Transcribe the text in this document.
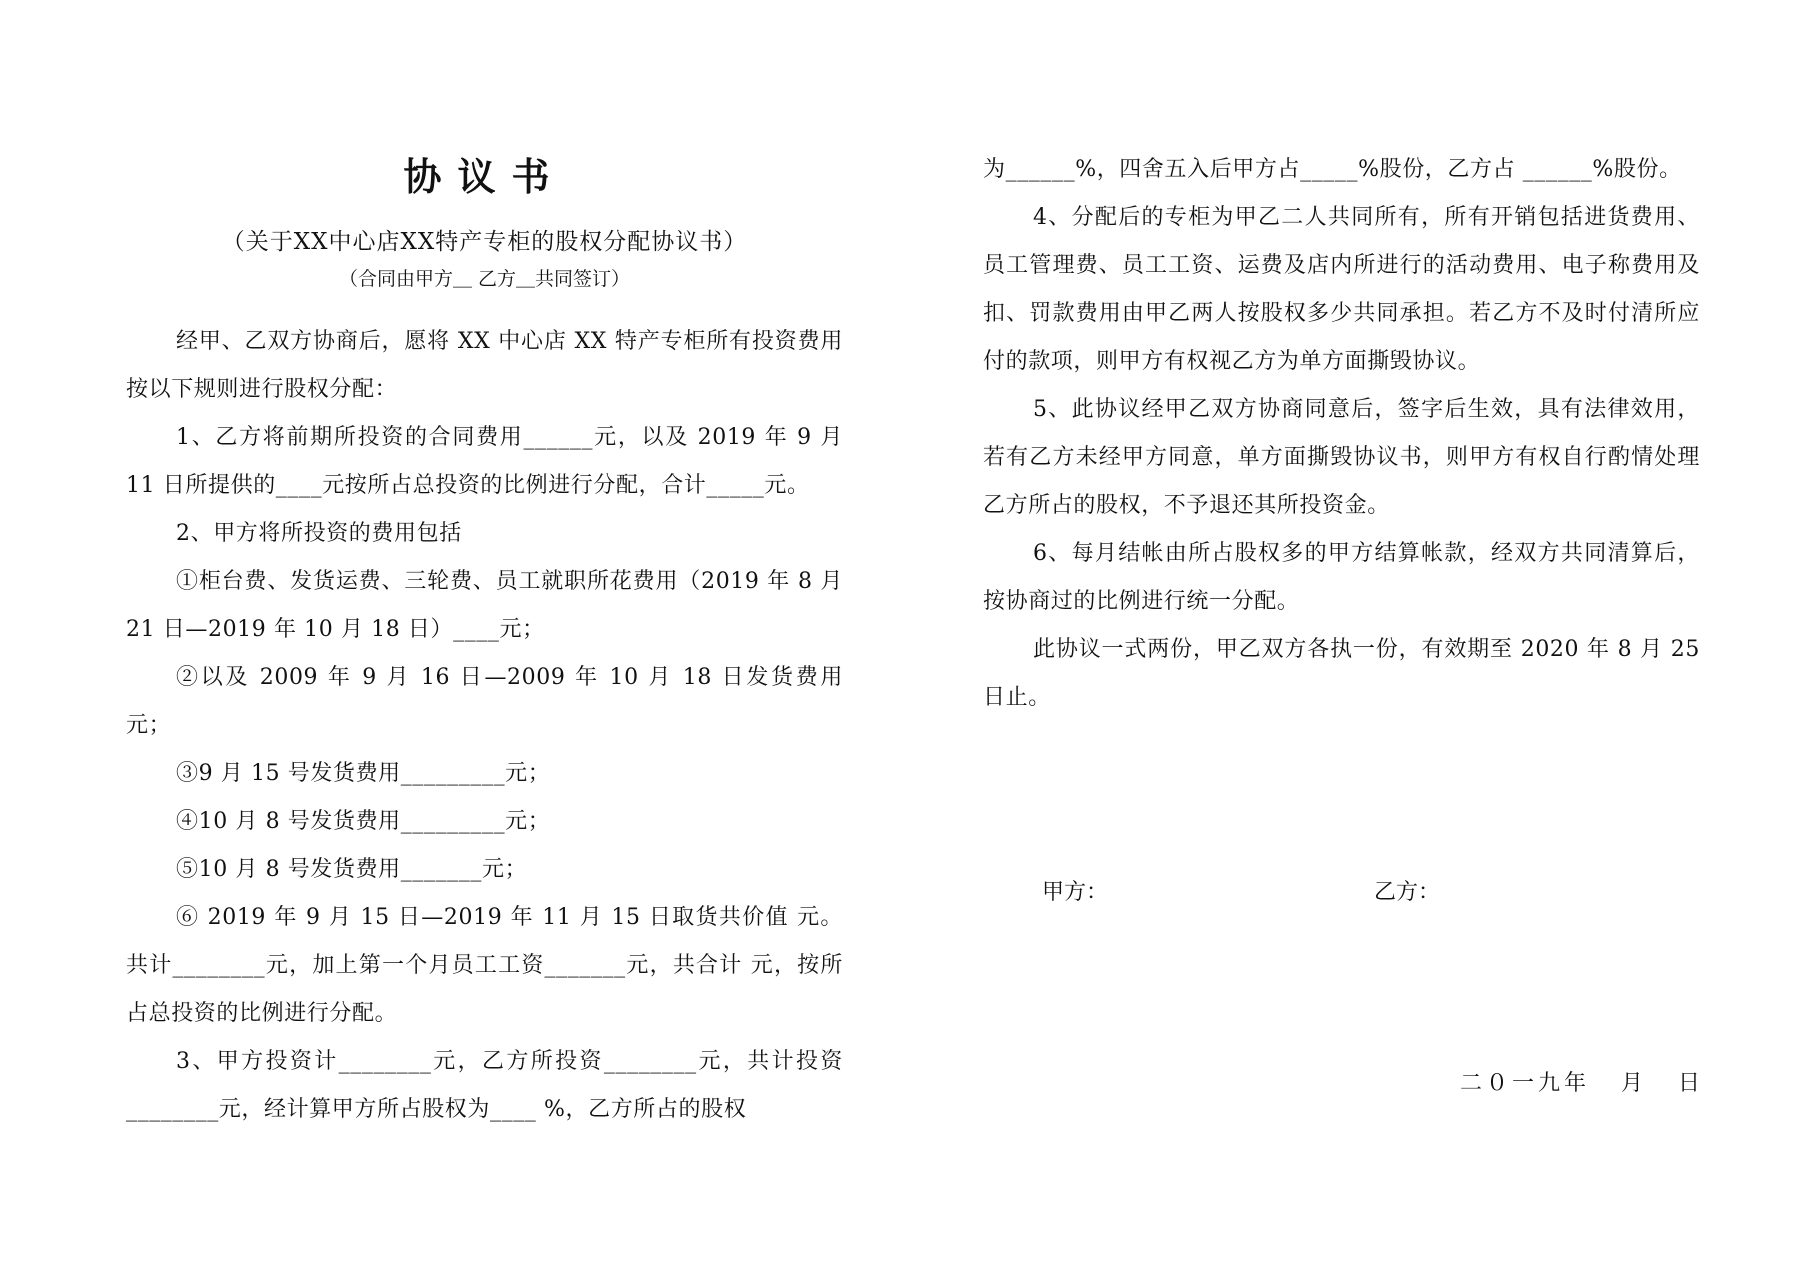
协议书
（关于XX中心店XX特产专柜的股权分配协议书）
（合同由甲方＿ 乙方＿共同签订）

经甲、乙双方协商后，愿将 XX 中心店 XX 特产专柜所有投资费用按以下规则进行股权分配：

1、乙方将前期所投资的合同费用______元，以及 2019 年 9 月 11 日所提供的____元按所占总投资的比例进行分配，合计_____元。

2、甲方将所投资的费用包括

①柜台费、发货运费、三轮费、员工就职所花费用（2019 年 8 月 21 日—2019 年 10 月 18 日）____元；

②以及 2009 年 9 月 16 日—2009 年 10 月 18 日发货费用 元；

③9 月 15 号发货费用_________元；

④10 月 8 号发货费用_________元；

⑤10 月 8 号发货费用_______元；

⑥ 2019 年 9 月 15 日—2019 年 11 月 15 日取货共价值 元。共计________元，加上第一个月员工工资_______元，共合计 元，按所占总投资的比例进行分配。

3、甲方投资计________元，乙方所投资________元，共计投资________元，经计算甲方所占股权为____ %，乙方所占的股权

为______%，四舍五入后甲方占_____%股份，乙方占 ______%股份。

4、分配后的专柜为甲乙二人共同所有，所有开销包括进货费用、员工管理费、员工工资、运费及店内所进行的活动费用、电子称费用及扣、罚款费用由甲乙两人按股权多少共同承担。若乙方不及时付清所应付的款项，则甲方有权视乙方为单方面撕毁协议。

5、此协议经甲乙双方协商同意后，签字后生效，具有法律效用，若有乙方未经甲方同意，单方面撕毁协议书，则甲方有权自行酌情处理乙方所占的股权，不予退还其所投资金。

6、每月结帐由所占股权多的甲方结算帐款，经双方共同清算后，按协商过的比例进行统一分配。

此协议一式两份，甲乙双方各执一份，有效期至 2020 年 8 月 25 日止。

甲方：	乙方：
二０一九年 月 日
